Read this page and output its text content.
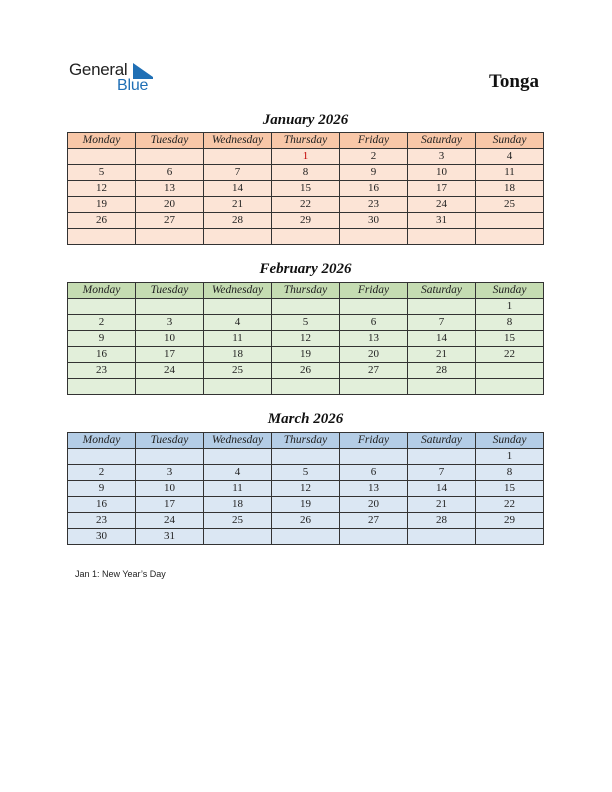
General
Blue	Tonga
January 2026
Monday	Tuesday	Wednesday	Thursday	Friday	Saturday	Sunday
			1	2	3	4
5	6	7	8	9	10	11
12	13	14	15	16	17	18
19	20	21	22	23	24	25
26	27	28	29	30	31	

February 2026
Monday	Tuesday	Wednesday	Thursday	Friday	Saturday	Sunday
						1
2	3	4	5	6	7	8
9	10	11	12	13	14	15
16	17	18	19	20	21	22
23	24	25	26	27	28	

March 2026
Monday	Tuesday	Wednesday	Thursday	Friday	Saturday	Sunday
						1
2	3	4	5	6	7	8
9	10	11	12	13	14	15
16	17	18	19	20	21	22
23	24	25	26	27	28	29
30	31					
Jan 1: New Year’s Day
